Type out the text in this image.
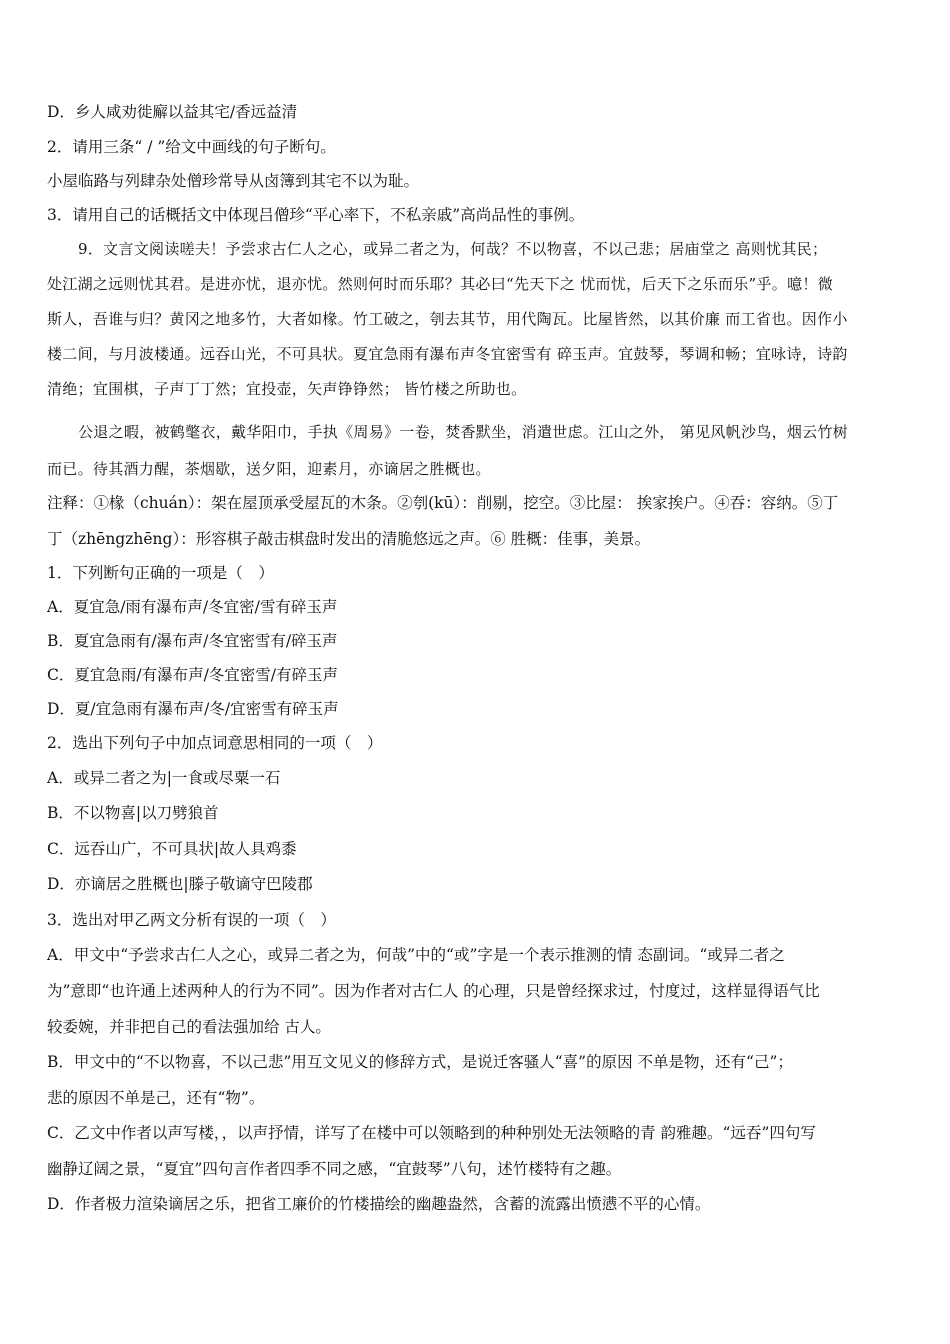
D．乡人咸劝徙廨以益其宅/香远益清
2．请用三条“ / ”给文中画线的句子断句。
小屋临路与列肆杂处僧珍常导从卤簿到其宅不以为耻。
3．请用自己的话概括文中体现吕僧珍“平心率下，不私亲戚”高尚品性的事例。
9．文言文阅读嗟夫！予尝求古仁人之心，或异二者之为，何哉？不以物喜，不以己悲；居庙堂之 高则忧其民；
处江湖之远则忧其君。是进亦忧，退亦忧。然则何时而乐耶？其必曰“先天下之 忧而忧，后天下之乐而乐”乎。噫！微
斯人，吾谁与归？黄冈之地多竹，大者如椽。竹工破之，刳去其节，用代陶瓦。比屋皆然，以其价廉 而工省也。因作小
楼二间，与月波楼通。远吞山光，不可具状。夏宜急雨有瀑布声冬宜密雪有 碎玉声。宜鼓琴，琴调和畅；宜咏诗，诗韵
清绝；宜围棋，子声丁丁然；宜投壶，矢声铮铮然； 皆竹楼之所助也。
公退之暇，被鹤氅衣，戴华阳巾，手执《周易》一卷，焚香默坐，消遣世虑。江山之外， 第见风帆沙鸟，烟云竹树
而已。待其酒力醒，茶烟歇，送夕阳，迎素月，亦谪居之胜概也。
注释：①椽（chuán）：架在屋顶承受屋瓦的木条。②刳(kū）：削剔，挖空。③比屋： 挨家挨户。④吞：容纳。⑤丁
丁（zhēngzhēng）：形容棋子敲击棋盘时发出的清脆悠远之声。⑥ 胜概：佳事，美景。
1．下列断句正确的一项是（　）
A．夏宜急/雨有瀑布声/冬宜密/雪有碎玉声
B．夏宜急雨有/瀑布声/冬宜密雪有/碎玉声
C．夏宜急雨/有瀑布声/冬宜密雪/有碎玉声
D．夏/宜急雨有瀑布声/冬/宜密雪有碎玉声
2．选出下列句子中加点词意思相同的一项（　）
A．或异二者之为|一食或尽粟一石
B．不以物喜|以刀劈狼首
C．远吞山广，不可具状|故人具鸡黍
D．亦谪居之胜概也|滕子敬谪守巴陵郡
3．选出对甲乙两文分析有误的一项（　）
A．甲文中“予尝求古仁人之心，或异二者之为，何哉”中的“或”字是一个表示推测的情 态副词。“或异二者之
为”意即“也许通上述两种人的行为不同”。因为作者对古仁人 的心理，只是曾经探求过，忖度过，这样显得语气比
较委婉，并非把自己的看法强加给 古人。
B．甲文中的“不以物喜，不以己悲”用互文见义的修辞方式，是说迁客骚人“喜”的原因 不单是物，还有“己”；
悲的原因不单是己，还有“物”。
C．乙文中作者以声写楼，，以声抒情，详写了在楼中可以领略到的种种别处无法领略的青 韵雅趣。“远吞”四句写
幽静辽阔之景，“夏宜”四句言作者四季不同之感，“宜鼓琴”八句，述竹楼特有之趣。
D．作者极力渲染谪居之乐，把省工廉价的竹楼描绘的幽趣盎然，含蓄的流露出愤懑不平的心情。
